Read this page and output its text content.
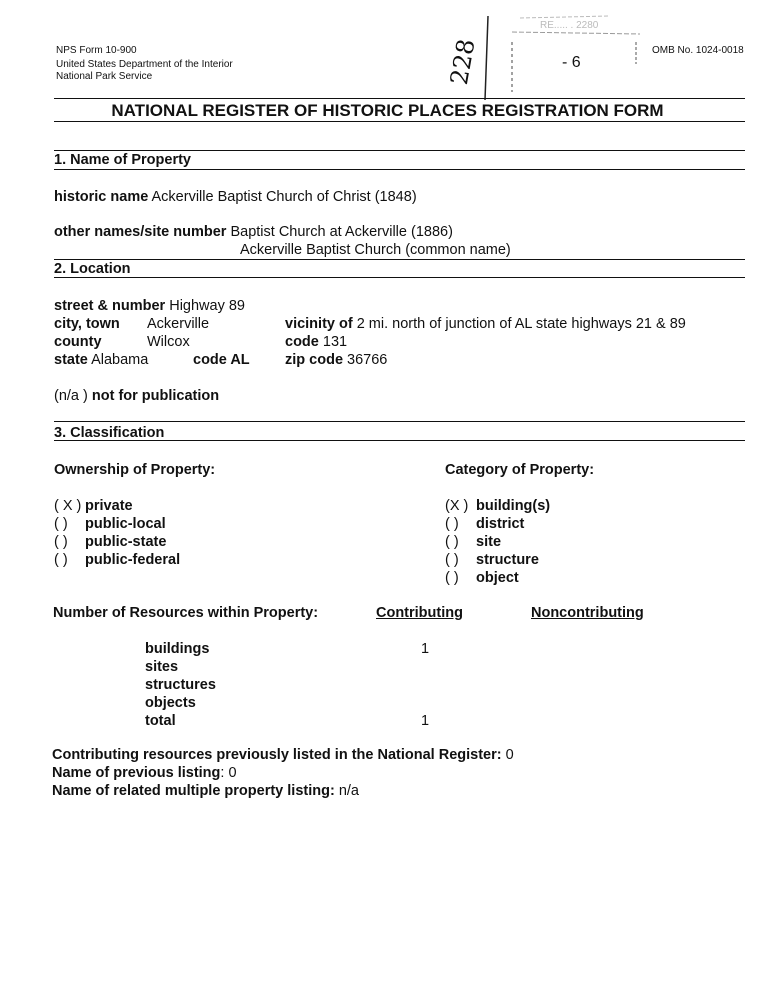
NPS Form 10-900
United States Department of the Interior
National Park Service
OMB No. 1024-0018
RE..... . 2280
228	- 6
NATIONAL REGISTER OF HISTORIC PLACES REGISTRATION FORM
1. Name of Property
historic name Ackerville Baptist Church of Christ (1848)
other names/site number Baptist Church at Ackerville (1886)
Ackerville Baptist Church (common name)
2. Location
street & number Highway 89
city, town Ackerville	vicinity of 2 mi. north of junction of AL state highways 21 & 89
county	Wilcox	code 131
state Alabama	code AL zip code 36766
(n/a ) not for publication
3. Classification
Ownership of Property:	Category of Property:
( X ) private
( ) public-local
( ) public-state
( ) public-federal
(X ) building(s)
( ) district
( ) site
( ) structure
( ) object
Number of Resources within Property:	Contributing	Noncontributing
buildings	1
sites
structures
objects
total	1
Contributing resources previously listed in the National Register: 0
Name of previous listing: 0
Name of related multiple property listing: n/a
